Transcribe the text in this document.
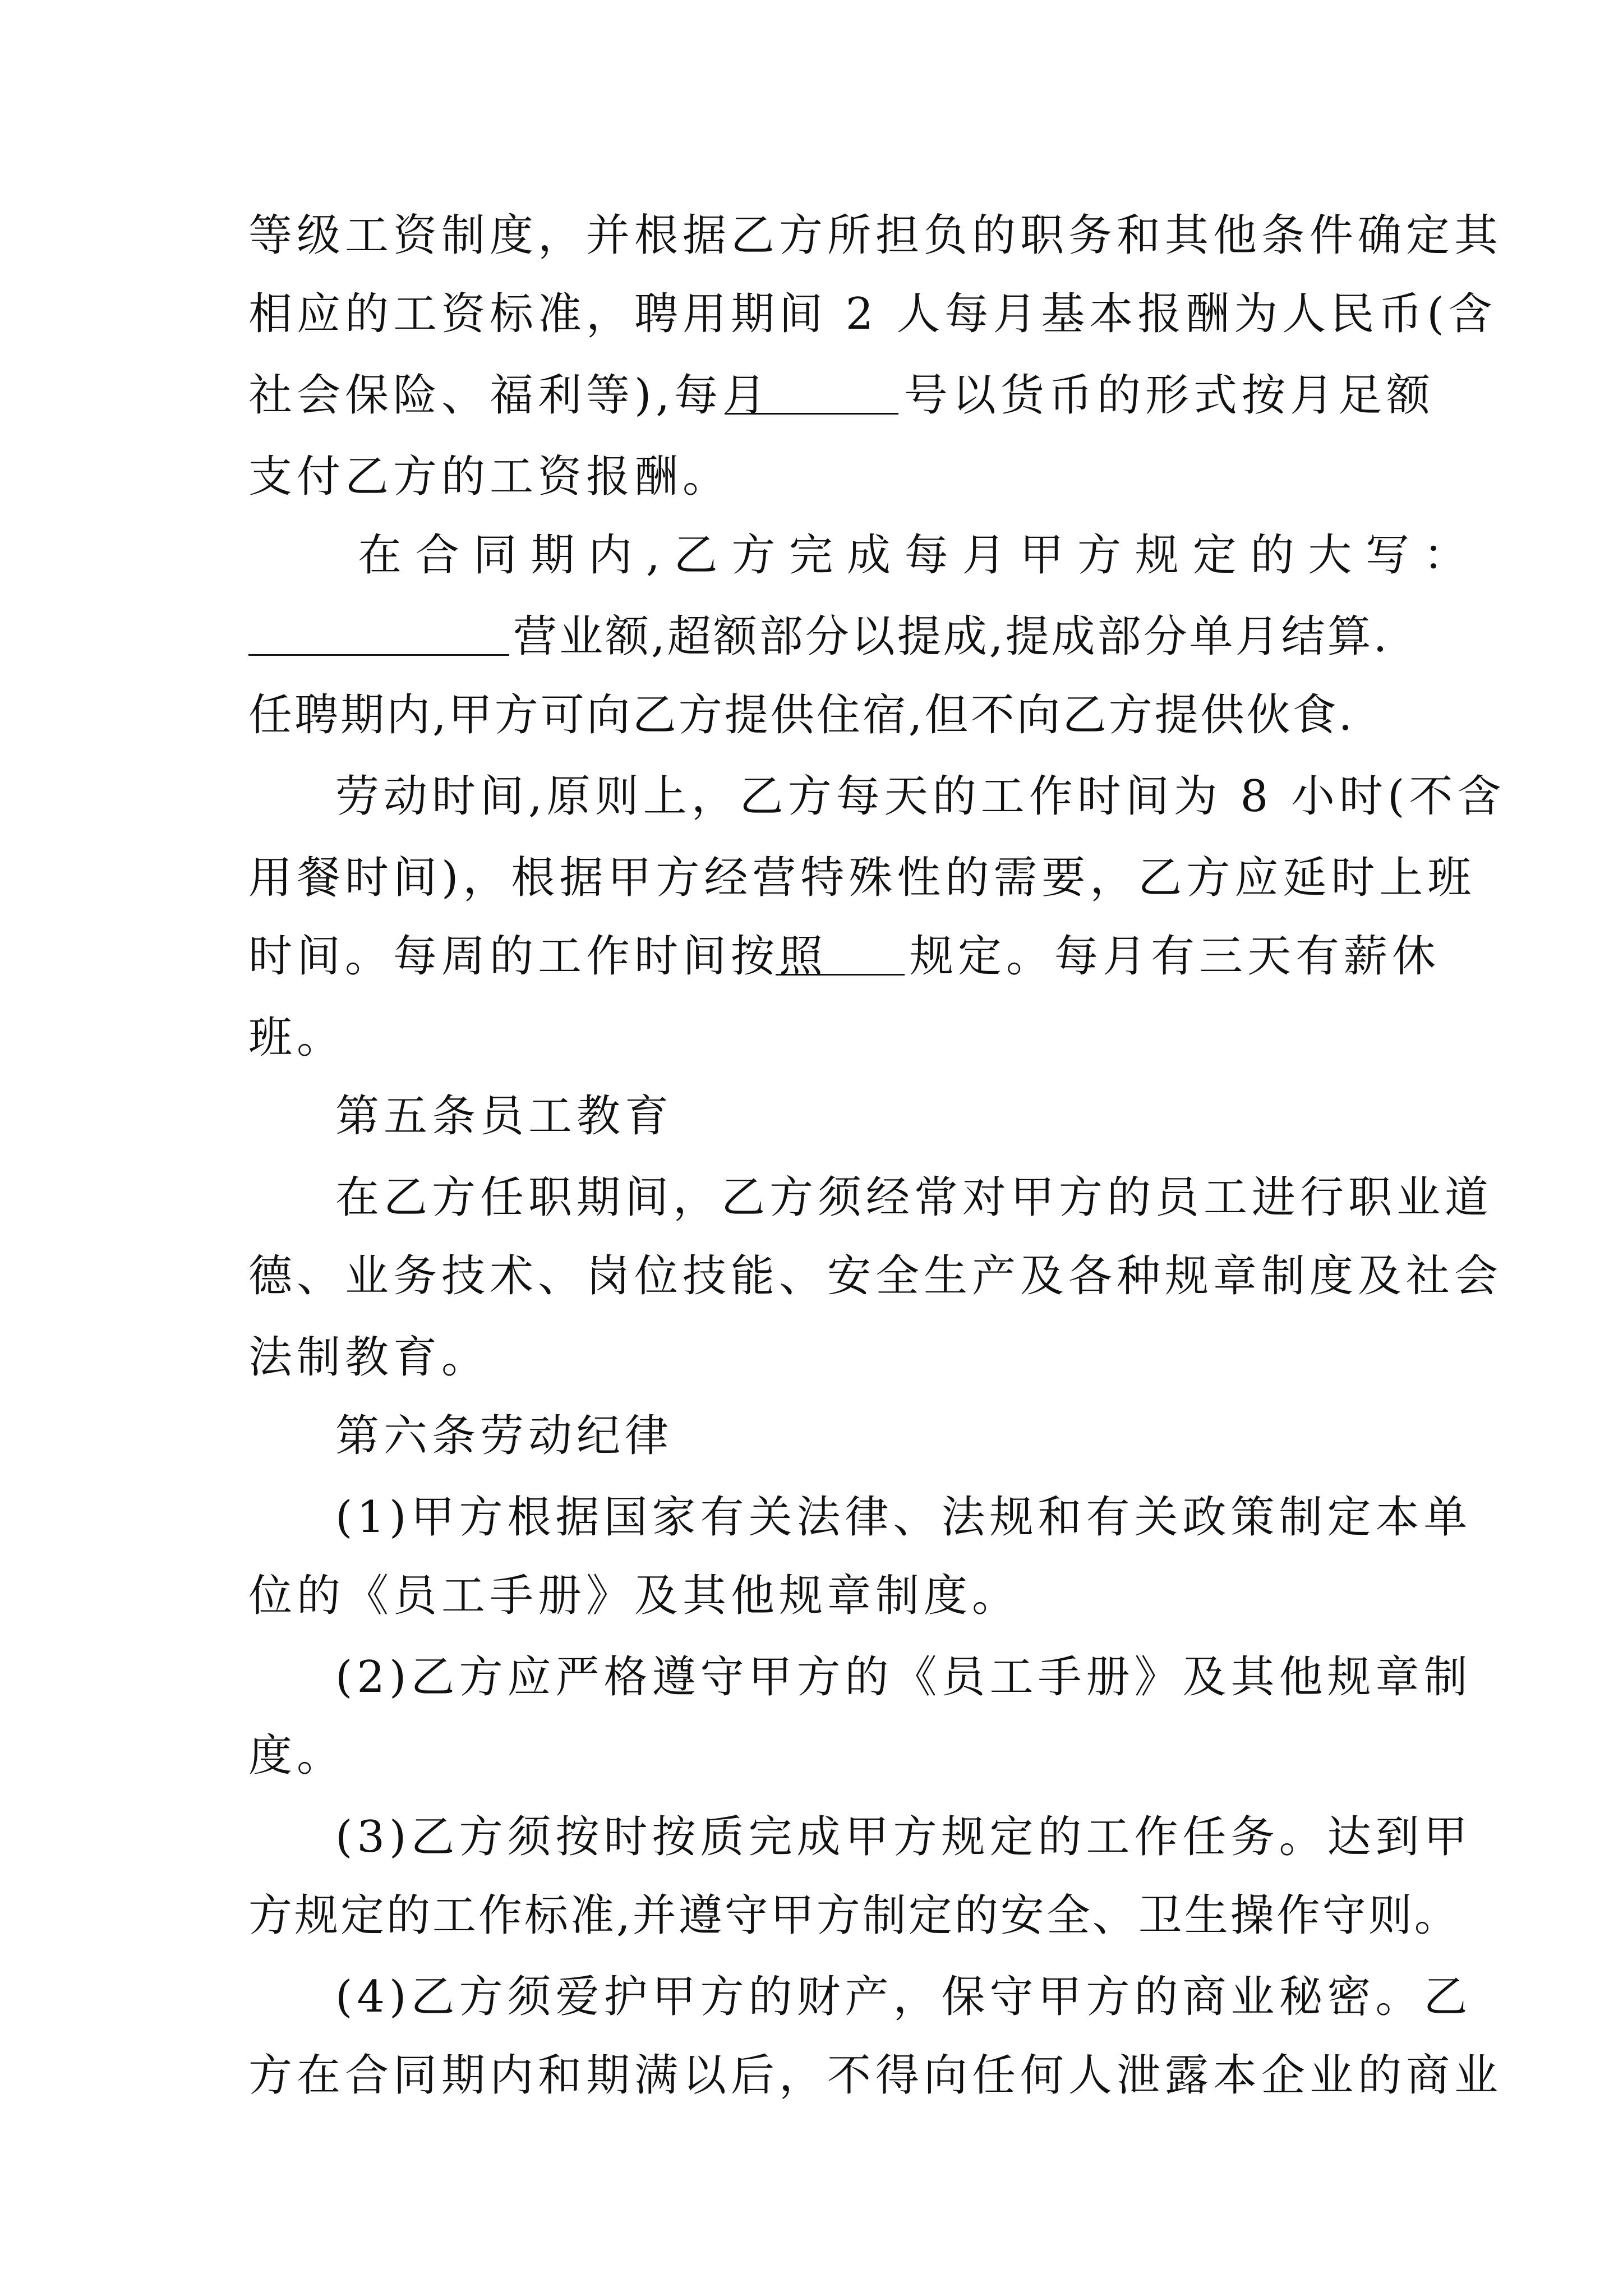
等级工资制度，并根据乙方所担负的职务和其他条件确定其
相应的工资标准，聘用期间 2 人每月基本报酬为人民币(含
社会保险、福利等),每月	号以货币的形式按月足额
支付乙方的工资报酬。
在 合 同 期 内 , 乙 方 完 成 每 月 甲 方 规 定 的 大 写 ：
营业额,超额部分以提成,提成部分单月结算.
任聘期内,甲方可向乙方提供住宿,但不向乙方提供伙食.
劳动时间,原则上，乙方每天的工作时间为 8 小时(不含
用餐时间)，根据甲方经营特殊性的需要，乙方应延时上班
时间。每周的工作时间按照 规定。每月有三天有薪休
班。
第五条员工教育
在乙方任职期间，乙方须经常对甲方的员工进行职业道
德、业务技术、岗位技能、安全生产及各种规章制度及社会
法制教育。
第六条劳动纪律
(1)甲方根据国家有关法律、法规和有关政策制定本单
位的《员工手册》及其他规章制度。
(2)乙方应严格遵守甲方的《员工手册》及其他规章制
度。
(3)乙方须按时按质完成甲方规定的工作任务。达到甲
方规定的工作标准,并遵守甲方制定的安全、卫生操作守则。
(4)乙方须爱护甲方的财产，保守甲方的商业秘密。乙
方在合同期内和期满以后，不得向任何人泄露本企业的商业
